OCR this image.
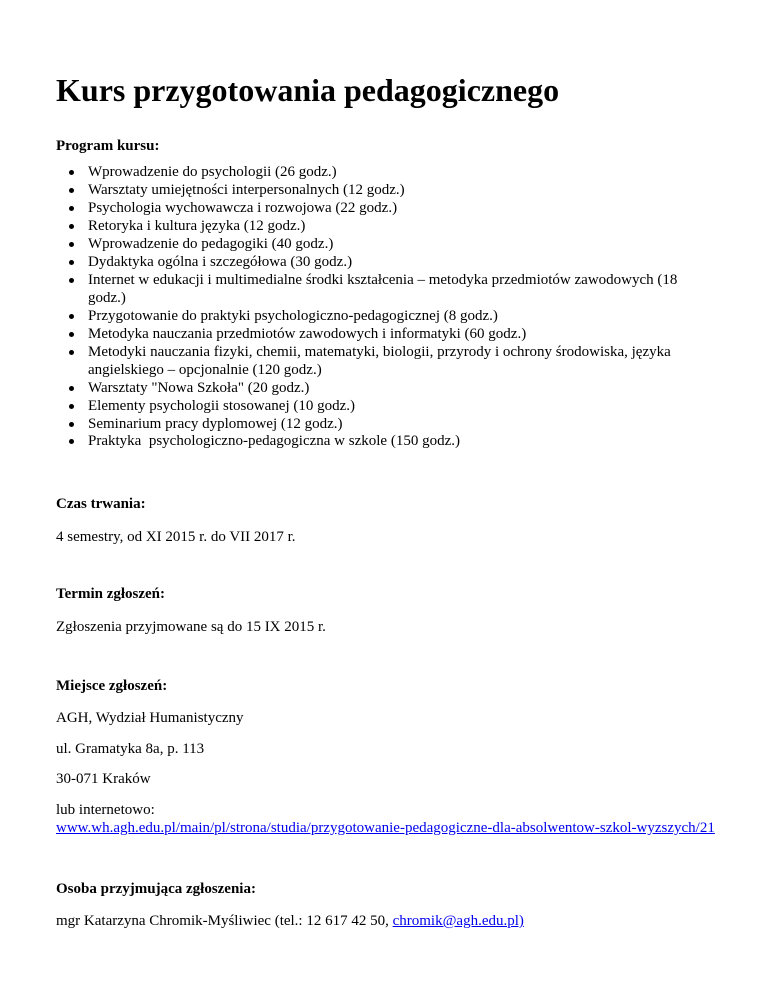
Kurs przygotowania pedagogicznego

Program kursu:

Wprowadzenie do psychologii (26 godz.)
Warsztaty umiejętności interpersonalnych (12 godz.)
Psychologia wychowawcza i rozwojowa (22 godz.)
Retoryka i kultura języka (12 godz.)
Wprowadzenie do pedagogiki (40 godz.)
Dydaktyka ogólna i szczegółowa (30 godz.)
Internet w edukacji i multimedialne środki kształcenia – metodyka przedmiotów zawodowych (18 godz.)
Przygotowanie do praktyki psychologiczno-pedagogicznej (8 godz.)
Metodyka nauczania przedmiotów zawodowych i informatyki (60 godz.)
Metodyki nauczania fizyki, chemii, matematyki, biologii, przyrody i ochrony środowiska, języka angielskiego – opcjonalnie (120 godz.)
Warsztaty "Nowa Szkoła" (20 godz.)
Elementy psychologii stosowanej (10 godz.)
Seminarium pracy dyplomowej (12 godz.)
Praktyka  psychologiczno-pedagogiczna w szkole (150 godz.)

Czas trwania:

4 semestry, od XI 2015 r. do VII 2017 r.

Termin zgłoszeń:

Zgłoszenia przyjmowane są do 15 IX 2015 r.

Miejsce zgłoszeń:

AGH, Wydział Humanistyczny

ul. Gramatyka 8a, p. 113

30-071 Kraków

lub internetowo:

www.wh.agh.edu.pl/main/pl/strona/studia/przygotowanie-pedagogiczne-dla-absolwentow-szkol-wyzszych/21

Osoba przyjmująca zgłoszenia:

mgr Katarzyna Chromik-Myśliwiec (tel.: 12 617 42 50, chromik@agh.edu.pl)
